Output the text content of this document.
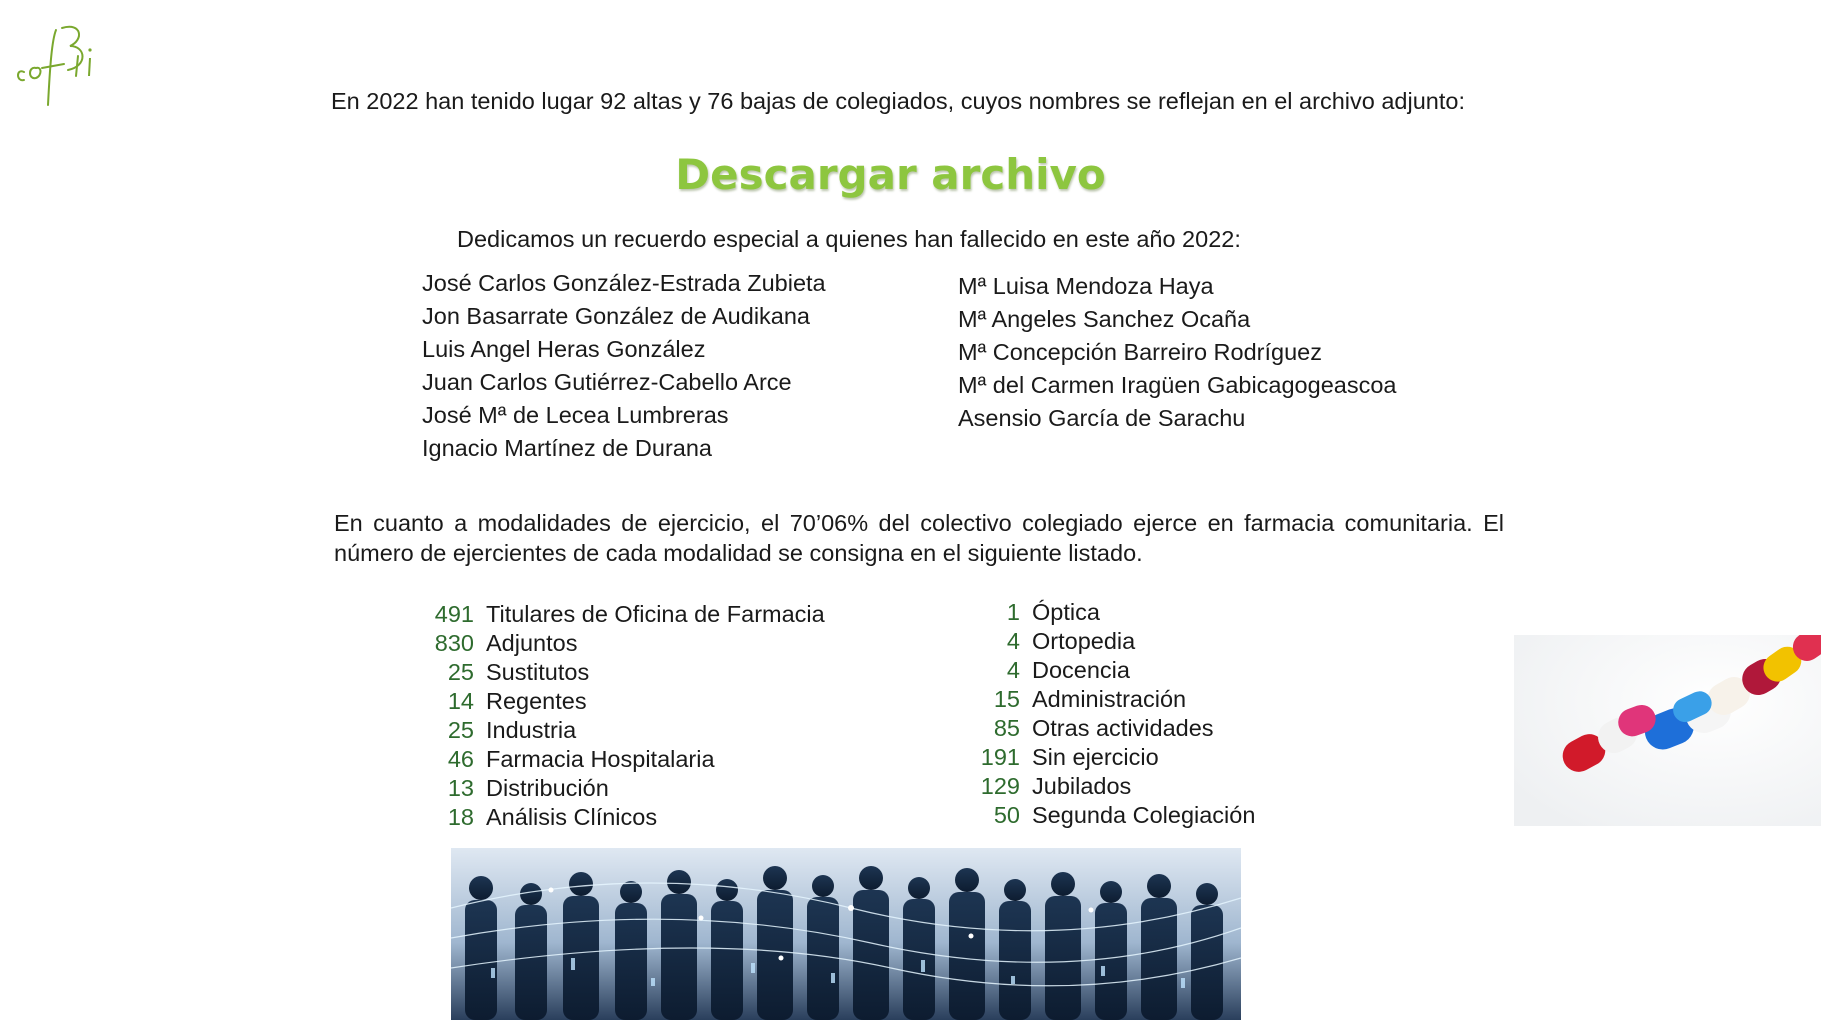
En 2022 han tenido lugar 92 altas y 76 bajas de colegiados, cuyos nombres se reflejan en el archivo adjunto:
Descargar archivo
Dedicamos un recuerdo especial a quienes han fallecido en este año 2022:
José Carlos González-Estrada Zubieta
Jon Basarrate González de Audikana
Luis Angel Heras González
Juan Carlos Gutiérrez-Cabello Arce
José Mª de Lecea Lumbreras
Ignacio Martínez de Durana
Mª Luisa Mendoza Haya
Mª Angeles Sanchez Ocaña
Mª Concepción Barreiro Rodríguez
Mª del Carmen Iragüen Gabicagogeascoa
Asensio García de Sarachu
En cuanto a modalidades de ejercicio, el 70’06% del colectivo colegiado ejerce en farmacia comunitaria. El número de ejercientes de cada modalidad se consigna en el siguiente listado.
491 Titulares de Oficina de Farmacia
830 Adjuntos
25 Sustitutos
14 Regentes
25 Industria
46 Farmacia Hospitalaria
13 Distribución
18 Análisis Clínicos
1 Óptica
4 Ortopedia
4 Docencia
15 Administración
85 Otras actividades
191 Sin ejercicio
129 Jubilados
50 Segunda Colegiación
